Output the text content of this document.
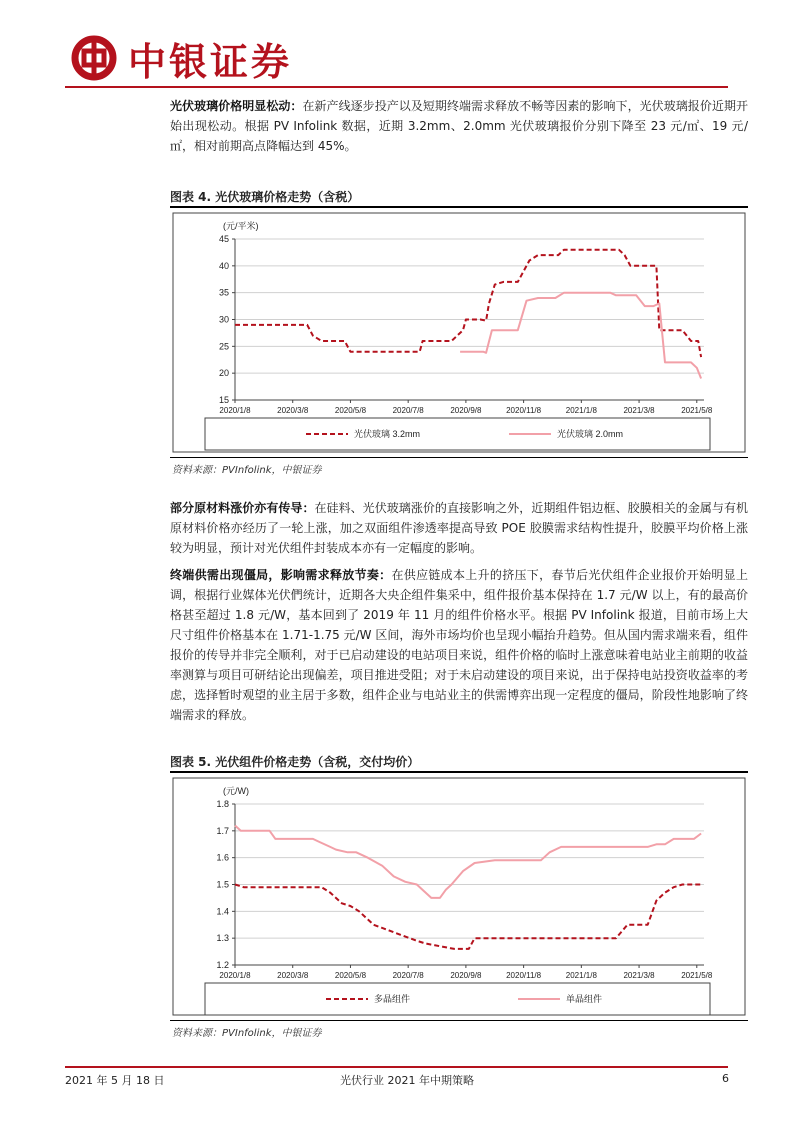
中银证券

光伏玻璃价格明显松动：在新产线逐步投产以及短期终端需求释放不畅等因素的影响下，光伏玻璃报价近期开始出现松动。根据 PV Infolink 数据，近期 3.2mm、2.0mm 光伏玻璃报价分别下降至 23 元/㎡、19 元/㎡，相对前期高点降幅达到 45%。

图表 4. 光伏玻璃价格走势（含税）
(元/平米)
15
20
25
30
35
40
45
2020/1/8	2020/3/8	2020/5/8	2020/7/8	2020/9/8	2020/11/8	2021/1/8	2021/3/8	2021/5/8
光伏玻璃 3.2mm	光伏玻璃 2.0mm
资料来源：PVInfolink，中银证券

部分原材料涨价亦有传导：在硅料、光伏玻璃涨价的直接影响之外，近期组件铝边框、胶膜相关的金属与有机原材料价格亦经历了一轮上涨，加之双面组件渗透率提高导致 POE 胶膜需求结构性提升，胶膜平均价格上涨较为明显，预计对光伏组件封装成本亦有一定幅度的影响。

终端供需出现僵局，影响需求释放节奏：在供应链成本上升的挤压下，春节后光伏组件企业报价开始明显上调，根据行业媒体光伏們统计，近期各大央企组件集采中，组件报价基本保持在 1.7 元/W 以上，有的最高价格甚至超过 1.8 元/W，基本回到了 2019 年 11 月的组件价格水平。根据 PV Infolink 报道，目前市场上大尺寸组件价格基本在 1.71-1.75 元/W 区间，海外市场均价也呈现小幅抬升趋势。但从国内需求端来看，组件报价的传导并非完全顺利，对于已启动建设的电站项目来说，组件价格的临时上涨意味着电站业主前期的收益率测算与项目可研结论出现偏差，项目推进受阻；对于未启动建设的项目来说，出于保持电站投资收益率的考虑，选择暂时观望的业主居于多数，组件企业与电站业主的供需博弈出现一定程度的僵局，阶段性地影响了终端需求的释放。

图表 5. 光伏组件价格走势（含税，交付均价）
(元/W)
1.2
1.3
1.4
1.5
1.6
1.7
1.8
2020/1/8	2020/3/8	2020/5/8	2020/7/8	2020/9/8	2020/11/8	2021/1/8	2021/3/8	2021/5/8
多晶组件	单晶组件
资料来源：PVInfolink，中银证券
2021 年 5 月 18 日	光伏行业 2021 年中期策略	6
